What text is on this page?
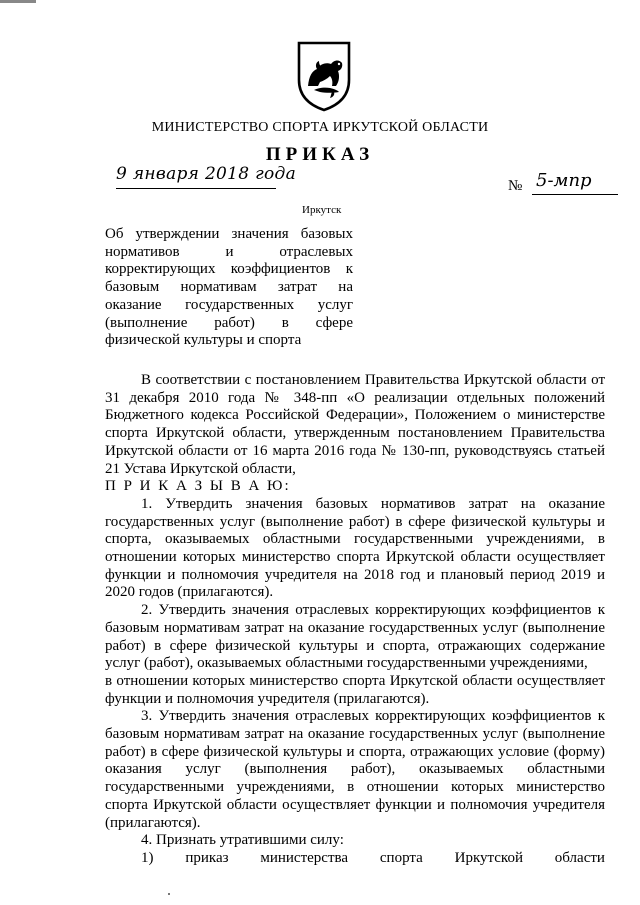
МИНИСТЕРСТВО СПОРТА ИРКУТСКОЙ ОБЛАСТИ
ПРИКАЗ
9 января 2018 года
№ 5-мпр
Иркутск
Об утверждении значения базовых нормативов и отраслевых корректирующих коэффициентов к базовым нормативам затрат на оказание государственных услуг (выполнение работ) в сфере физической культуры и спорта

В соответствии с постановлением Правительства Иркутской области от 31 декабря 2010 года № 348-пп «О реализации отдельных положений Бюджетного кодекса Российской Федерации», Положением о министерстве спорта Иркутской области, утвержденным постановлением Правительства Иркутской области от 16 марта 2016 года № 130-пп, руководствуясь статьей 21 Устава Иркутской области,

П Р И К А З Ы В А Ю:

1. Утвердить значения базовых нормативов затрат на оказание государственных услуг (выполнение работ) в сфере физической культуры и спорта, оказываемых областными государственными учреждениями, в отношении которых министерство спорта Иркутской области осуществляет функции и полномочия учредителя на 2018 год и плановый период 2019 и 2020 годов (прилагаются).

2. Утвердить значения отраслевых корректирующих коэффициентов к базовым нормативам затрат на оказание государственных услуг (выполнение работ) в сфере физической культуры и спорта, отражающих содержание услуг (работ), оказываемых областными государственными учреждениями,

в отношении которых министерство спорта Иркутской области осуществляет функции и полномочия учредителя (прилагаются).

3. Утвердить значения отраслевых корректирующих коэффициентов к базовым нормативам затрат на оказание государственных услуг (выполнение работ) в сфере физической культуры и спорта, отражающих условие (форму) оказания услуг (выполнения работ), оказываемых областными государственными учреждениями, в отношении которых министерство спорта Иркутской области осуществляет функции и полномочия учредителя (прилагаются).

4. Признать утратившими силу:

1) приказ министерства спорта Иркутской области
